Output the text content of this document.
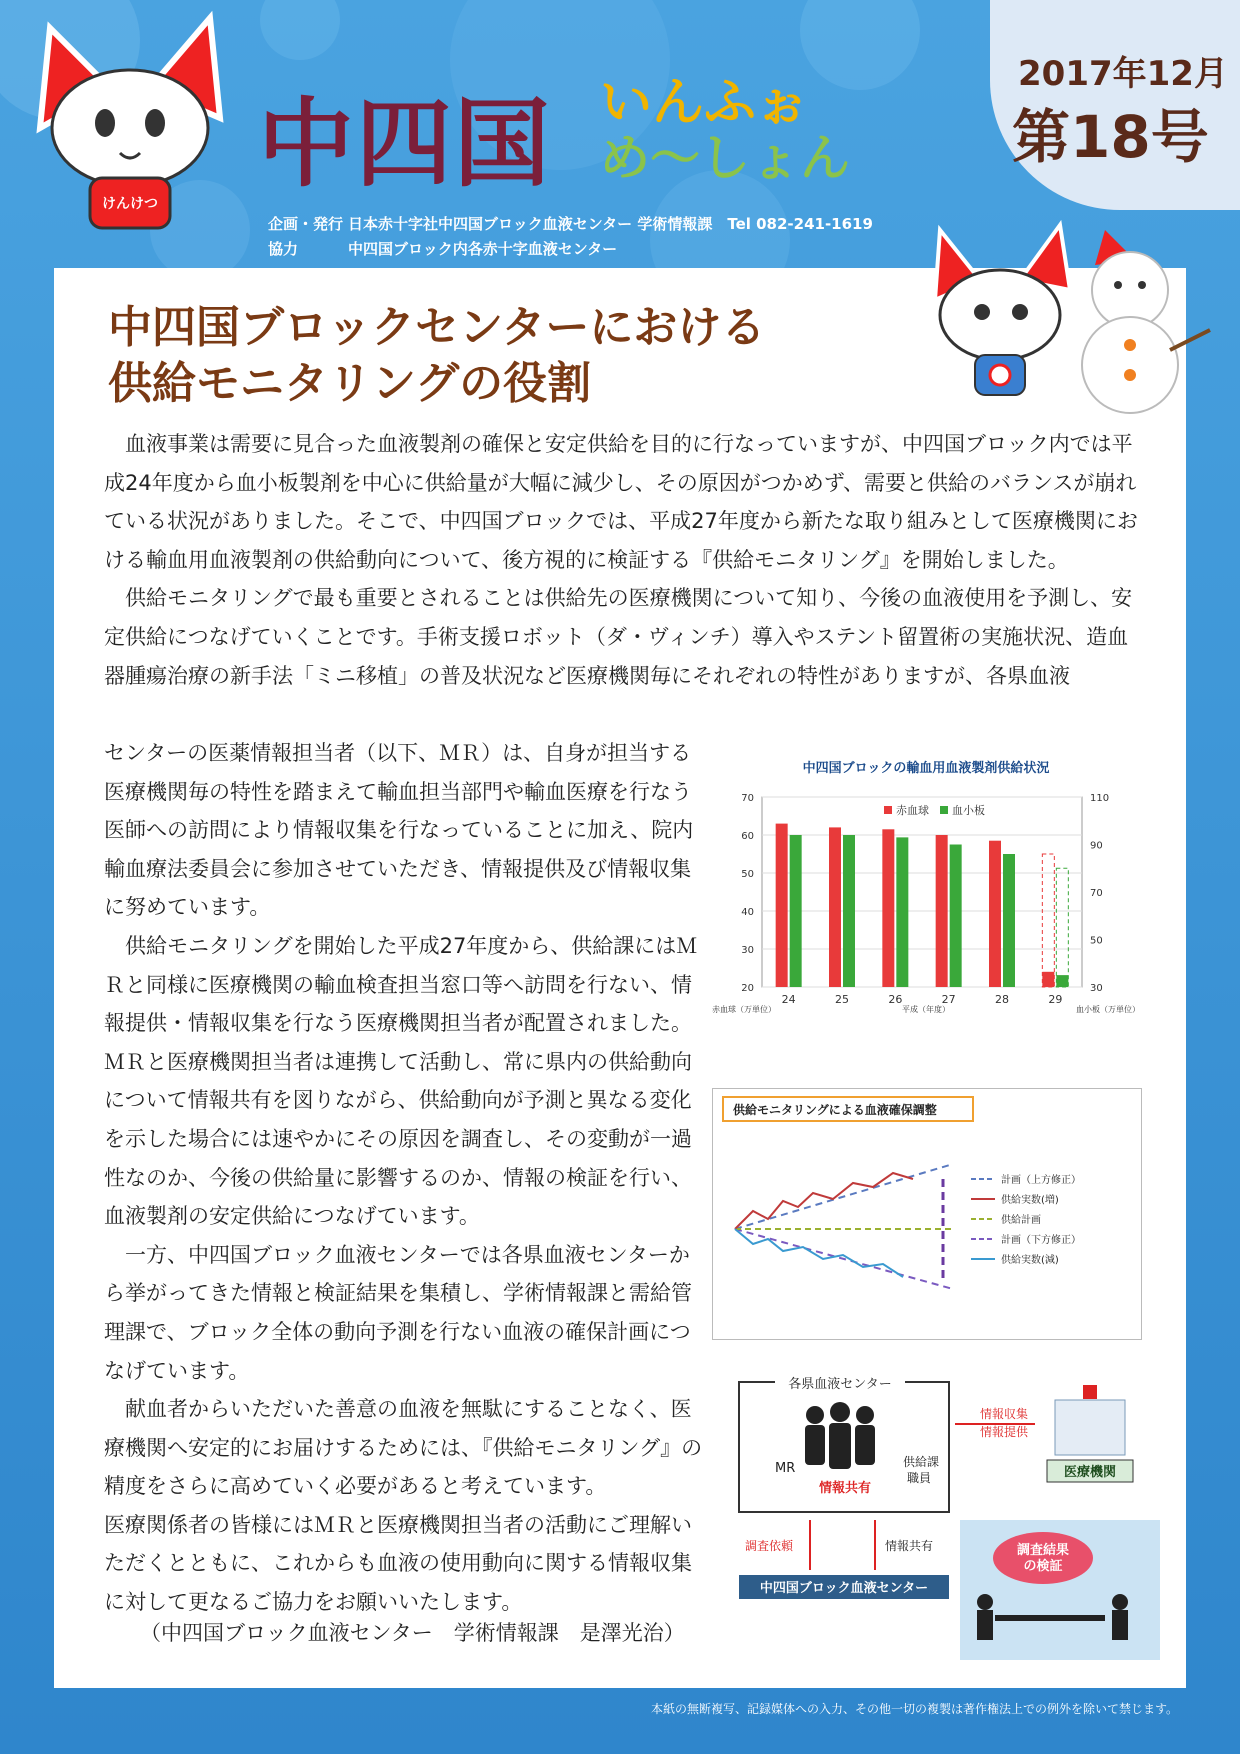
けんけつ
中四国 いんふぉ
め〜しょん
2017年12月
第18号
企画・発行 日本赤十字社中四国ブロック血液センター 学術情報課　Tel 082-241-1619
協力	中四国ブロック内各赤十字血液センター
中四国ブロックセンターにおける
供給モニタリングの役割

血液事業は需要に見合った血液製剤の確保と安定供給を目的に行なっていますが、中四国ブロック内では平成24年度から血小板製剤を中心に供給量が大幅に減少し、その原因がつかめず、需要と供給のバランスが崩れている状況がありました。そこで、中四国ブロックでは、平成27年度から新たな取り組みとして医療機関における輸血用血液製剤の供給動向について、後方視的に検証する『供給モニタリング』を開始しました。

供給モニタリングで最も重要とされることは供給先の医療機関について知り、今後の血液使用を予測し、安定供給につなげていくことです。手術支援ロボット（ダ・ヴィンチ）導入やステント留置術の実施状況、造血器腫瘍治療の新手法「ミニ移植」の普及状況など医療機関毎にそれぞれの特性がありますが、各県血液

センターの医薬情報担当者（以下、ＭＲ）は、自身が担当する医療機関毎の特性を踏まえて輸血担当部門や輸血医療を行なう医師への訪問により情報収集を行なっていることに加え、院内輸血療法委員会に参加させていただき、情報提供及び情報収集に努めています。

供給モニタリングを開始した平成27年度から、供給課にはＭＲと同様に医療機関の輸血検査担当窓口等へ訪問を行ない、情報提供・情報収集を行なう医療機関担当者が配置されました。ＭＲと医療機関担当者は連携して活動し、常に県内の供給動向について情報共有を図りながら、供給動向が予測と異なる変化を示した場合には速やかにその原因を調査し、その変動が一過性なのか、今後の供給量に影響するのか、情報の検証を行い、血液製剤の安定供給につなげています。

一方、中四国ブロック血液センターでは各県血液センターから挙がってきた情報と検証結果を集積し、学術情報課と需給管理課で、ブロック全体の動向予測を行ない血液の確保計画につなげています。

献血者からいただいた善意の血液を無駄にすることなく、医療機関へ安定的にお届けするためには、『供給モニタリング』の精度をさらに高めていく必要があると考えています。

医療関係者の皆様にはＭＲと医療機関担当者の活動にご理解いただくとともに、これからも血液の使用動向に関する情報収集に対して更なるご協力をお願いいたします。

（中四国ブロック血液センター　学術情報課　是澤光治）
中四国ブロックの輸血用血液製剤供給状況
70
60
50
40
30
20
110
90
70
50
30
24	25	26	27	28	29
赤血球 血小板
赤血球（万単位）	平成（年度）	血小板（万単位）
供給モニタリングによる血液確保調整
計画（上方修正）
供給実数(増)
供給計画
計画（下方修正）
供給実数(減)
各県血液センター
MR	供給課
職員
情報共有
情報収集
情報提供
医療機関
調査依頼	情報共有
中四国ブロック血液センター
調査結果
の検証
本紙の無断複写、記録媒体への入力、その他一切の複製は著作権法上での例外を除いて禁じます。
